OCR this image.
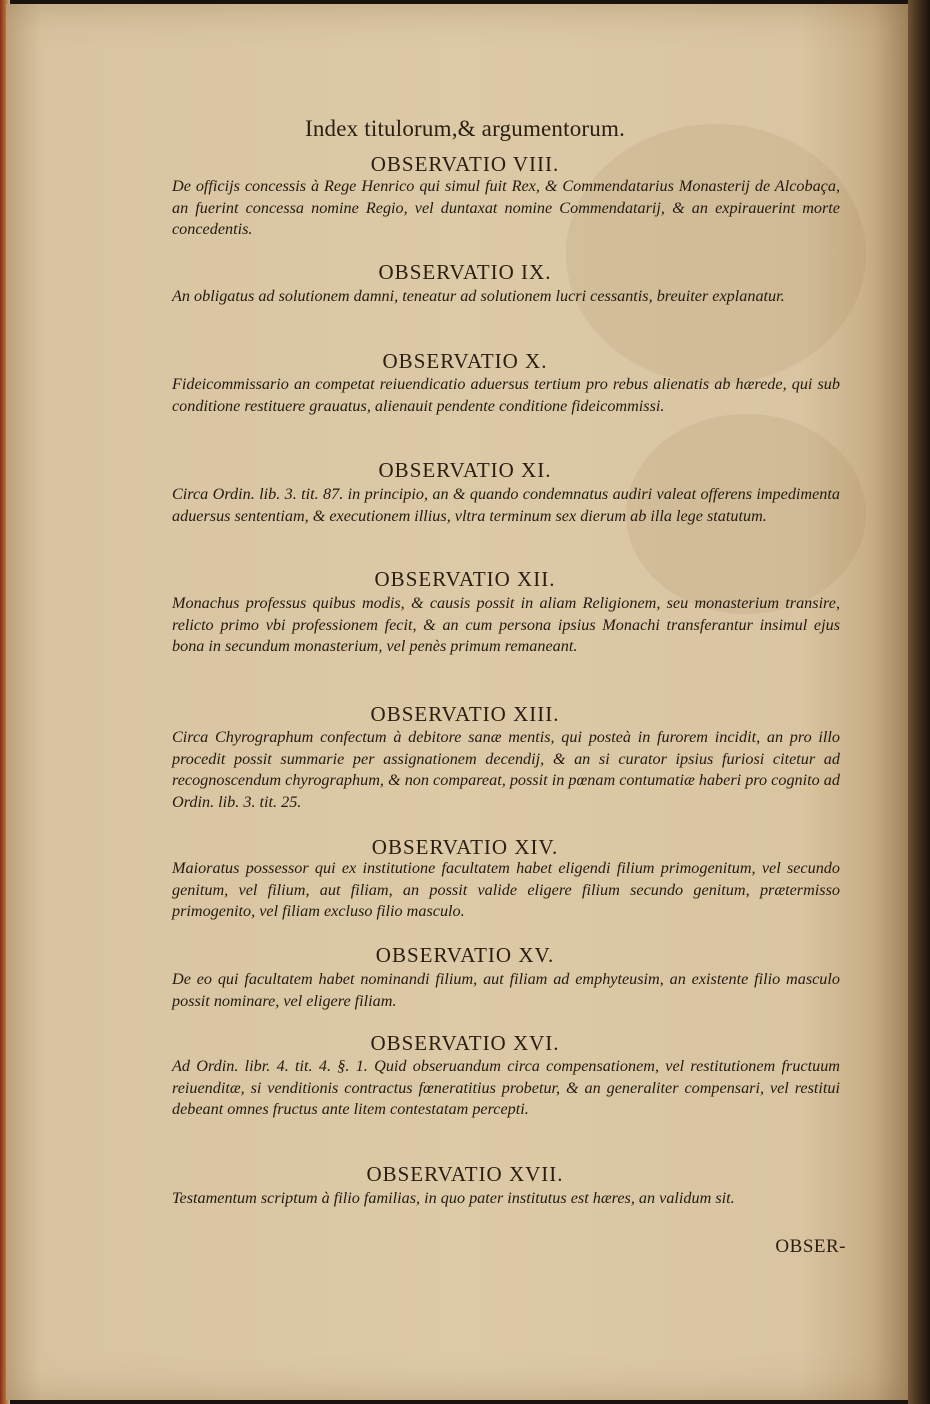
Index titulorum,& argumentorum.
OBSERVATIO VIII.
De officijs concessis à Rege Henrico qui simul fuit Rex, & Commendatarius Monasterij de Alcobaça, an fuerint concessa nomine Regio, vel duntaxat nomine Commendatarij, & an expirauerint morte concedentis.
OBSERVATIO IX.
An obligatus ad solutionem damni, teneatur ad solutionem lucri cessantis, breuiter explanatur.
OBSERVATIO X.
Fideicommissario an competat reiuendicatio aduersus tertium pro rebus alienatis ab hærede, qui sub conditione restituere grauatus, alienauit pendente conditione fideicommissi.
OBSERVATIO XI.
Circa Ordin. lib. 3. tit. 87. in principio, an & quando condemnatus audiri valeat offerens impedimenta aduersus sententiam, & executionem illius, vltra terminum sex dierum ab illa lege statutum.
OBSERVATIO XII.
Monachus professus quibus modis, & causis possit in aliam Religionem, seu monasterium transire, relicto primo vbi professionem fecit, & an cum persona ipsius Monachi transferantur insimul ejus bona in secundum monasterium, vel penès primum remaneant.
OBSERVATIO XIII.
Circa Chyrographum confectum à debitore sanæ mentis, qui posteà in furorem incidit, an pro illo procedit possit summarie per assignationem decendij, & an si curator ipsius furiosi citetur ad recognoscendum chyrographum, & non compareat, possit in pœnam contumatiæ haberi pro cognito ad Ordin. lib. 3. tit. 25.
OBSERVATIO XIV.
Maioratus possessor qui ex institutione facultatem habet eligendi filium primogenitum, vel secundo genitum, vel filium, aut filiam, an possit valide eligere filium secundo genitum, prætermisso primogenito, vel filiam excluso filio masculo.
OBSERVATIO XV.
De eo qui facultatem habet nominandi filium, aut filiam ad emphyteusim, an existente filio masculo possit nominare, vel eligere filiam.
OBSERVATIO XVI.
Ad Ordin. libr. 4. tit. 4. §. 1. Quid obseruandum circa compensationem, vel restitutionem fructuum reiuenditæ, si venditionis contractus fœneratitius probetur, & an generaliter compensari, vel restitui debeant omnes fructus ante litem contestatam percepti.
OBSERVATIO XVII.
Testamentum scriptum à filio familias, in quo pater institutus est hæres, an validum sit.
OBSER-
